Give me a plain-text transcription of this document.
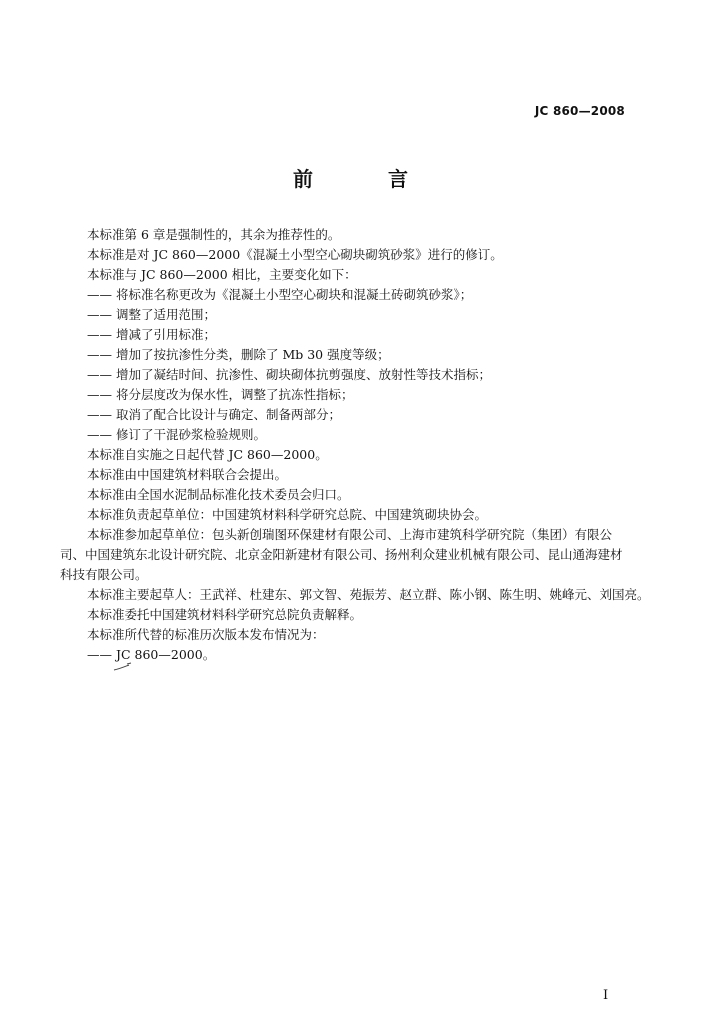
JC 860—2008
前 言

本标准第 6 章是强制性的，其余为推荐性的。

本标准是对 JC 860—2000《混凝土小型空心砌块砌筑砂浆》进行的修订。

本标准与 JC 860—2000 相比，主要变化如下：

—— 将标准名称更改为《混凝土小型空心砌块和混凝土砖砌筑砂浆》；

—— 调整了适用范围；

—— 增减了引用标准；

—— 增加了按抗渗性分类，删除了 Mb 30 强度等级；

—— 增加了凝结时间、抗渗性、砌块砌体抗剪强度、放射性等技术指标；

—— 将分层度改为保水性，调整了抗冻性指标；

—— 取消了配合比设计与确定、制备两部分；

—— 修订了干混砂浆检验规则。

本标准自实施之日起代替 JC 860—2000。

本标准由中国建筑材料联合会提出。

本标准由全国水泥制品标准化技术委员会归口。

本标准负责起草单位：中国建筑材料科学研究总院、中国建筑砌块协会。

本标准参加起草单位：包头新创瑞图环保建材有限公司、上海市建筑科学研究院（集团）有限公司、中国建筑东北设计研究院、北京金阳新建材有限公司、扬州利众建业机械有限公司、昆山通海建材科技有限公司。

本标准主要起草人：王武祥、杜建东、郭文智、苑振芳、赵立群、陈小钢、陈生明、姚峰元、刘国亮。

本标准委托中国建筑材料科学研究总院负责解释。

本标准所代替的标准历次版本发布情况为：

—— JC 860—2000。

I
